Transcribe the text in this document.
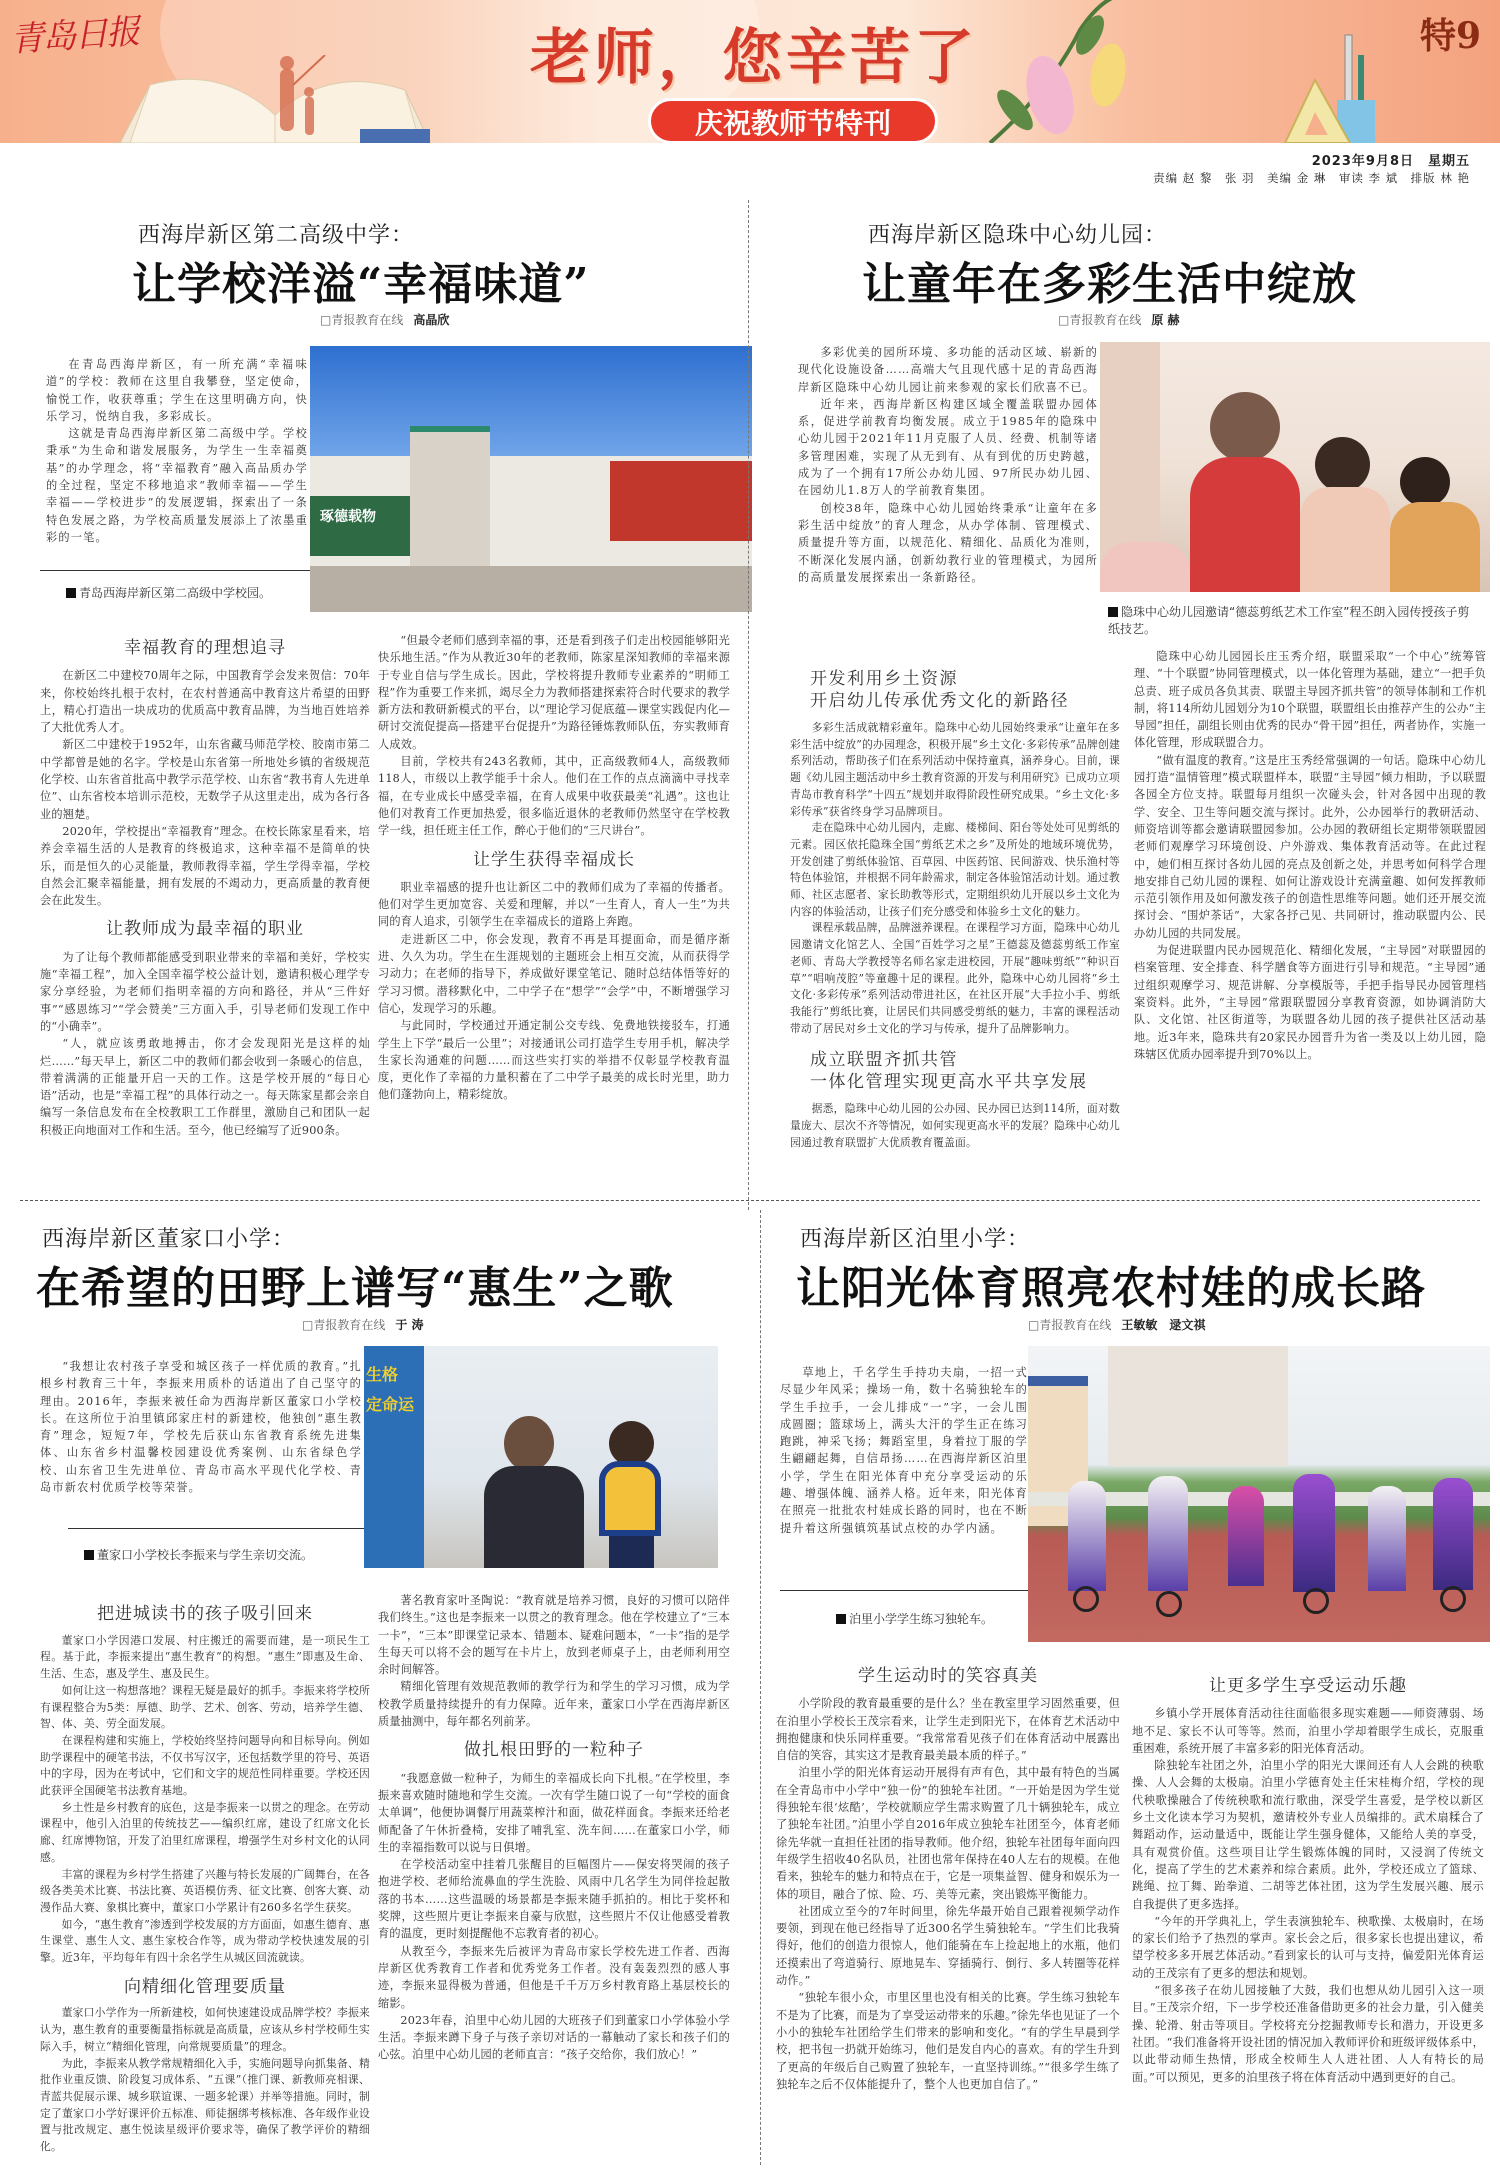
青岛日报	老师，您辛苦了
庆祝教师节特刊
特9
2023年9月8日　星期五
责编 赵 黎　张 羽　美编 金 琳　审读 李 斌　排版 林 艳
西海岸新区第二高级中学：
让学校洋溢“幸福味道”
□青报教育在线 高晶欣

在青岛西海岸新区，有一所充满“幸福味道”的学校：教师在这里自我攀登，坚定使命，愉悦工作，收获尊重；学生在这里明确方向，快乐学习，悦纳自我，多彩成长。

这就是青岛西海岸新区第二高级中学。学校秉承“为生命和谐发展服务，为学生一生幸福奠基”的办学理念，将“幸福教育”融入高品质办学的全过程，坚定不移地追求“教师幸福——学生幸福——学校进步”的发展逻辑，探索出了一条特色发展之路，为学校高质量发展添上了浓墨重彩的一笔。

青岛西海岸新区第二高级中学校园。
琢德载物
幸福教育的理想追寻

在新区二中建校70周年之际，中国教育学会发来贺信：70年来，你校始终扎根于农村，在农村普通高中教育这片希望的田野上，精心打造出一块成功的优质高中教育品牌，为当地百姓培养了大批优秀人才。

新区二中建校于1952年，山东省藏马师范学校、胶南市第二中学都曾是她的名字。学校是山东省第一所地处乡镇的省级规范化学校、山东省首批高中教学示范学校、山东省“教书育人先进单位”、山东省校本培训示范校，无数学子从这里走出，成为各行各业的翘楚。

2020年，学校提出“幸福教育”理念。在校长陈家星看来，培养会幸福生活的人是教育的终极追求，这种幸福不是简单的快乐，而是恒久的心灵能量，教师教得幸福，学生学得幸福，学校自然会汇聚幸福能量，拥有发展的不竭动力，更高质量的教育便会在此发生。

让教师成为最幸福的职业

为了让每个教师都能感受到职业带来的幸福和美好，学校实施“幸福工程”，加入全国幸福学校公益计划，邀请积极心理学专家分享经验，为老师们指明幸福的方向和路径，并从“三件好事”“感恩练习”“学会赞美”三方面入手，引导老师们发现工作中的“小确幸”。

“人，就应该勇敢地搏击，你才会发现阳光是这样的灿烂……”每天早上，新区二中的教师们都会收到一条暖心的信息，带着满满的正能量开启一天的工作。这是学校开展的“每日心语”活动，也是“幸福工程”的具体行动之一。每天陈家星都会亲自编写一条信息发布在全校教职工工作群里，激励自己和团队一起积极正向地面对工作和生活。至今，他已经编写了近900条。

“但最令老师们感到幸福的事，还是看到孩子们走出校园能够阳光快乐地生活。”作为从教近30年的老教师，陈家星深知教师的幸福来源于专业自信与学生成长。因此，学校将提升教师专业素养的“明师工程”作为重要工作来抓，竭尽全力为教师搭建探索符合时代要求的教学新方法和教研新模式的平台，以“理论学习促底蕴—课堂实践促内化—研讨交流促提高—搭建平台促提升”为路径锤炼教师队伍，夯实教师育人成效。

目前，学校共有243名教师，其中，正高级教师4人，高级教师118人，市级以上教学能手十余人。他们在工作的点点滴滴中寻找幸福，在专业成长中感受幸福，在育人成果中收获最美“礼遇”。这也让他们对教育工作更加热爱，很多临近退休的老教师仍然坚守在学校教学一线，担任班主任工作，醉心于他们的“三尺讲台”。

让学生获得幸福成长

职业幸福感的提升也让新区二中的教师们成为了幸福的传播者。他们对学生更加宽容、关爱和理解，并以“一生育人，育人一生”为共同的育人追求，引领学生在幸福成长的道路上奔跑。

走进新区二中，你会发现，教育不再是耳提面命，而是循序渐进、久久为功。学生在生涯规划的主题班会上相互交流，从而获得学习动力；在老师的指导下，养成做好课堂笔记、随时总结体悟等好的学习习惯。潜移默化中，二中学子在“想学”“会学”中，不断增强学习信心，发现学习的乐趣。

与此同时，学校通过开通定制公交专线、免费地铁接驳车，打通学生上下学“最后一公里”；对接通讯公司打造学生专用手机，解决学生家长沟通难的问题……而这些实打实的举措不仅彰显学校教育温度，更化作了幸福的力量积蓄在了二中学子最美的成长时光里，助力他们蓬勃向上，精彩绽放。

西海岸新区隐珠中心幼儿园：
让童年在多彩生活中绽放
□青报教育在线 原 赫

多彩优美的园所环境、多功能的活动区域、崭新的现代化设施设备……高端大气且现代感十足的青岛西海岸新区隐珠中心幼儿园让前来参观的家长们欣喜不已。

近年来，西海岸新区构建区域全覆盖联盟办园体系，促进学前教育均衡发展。成立于1985年的隐珠中心幼儿园于2021年11月克服了人员、经费、机制等诸多管理困难，实现了从无到有、从有到优的历史跨越，成为了一个拥有17所公办幼儿园、97所民办幼儿园、在园幼儿1.8万人的学前教育集团。

创校38年，隐珠中心幼儿园始终秉承“让童年在多彩生活中绽放”的育人理念，从办学体制、管理模式、质量提升等方面，以规范化、精细化、品质化为准则，不断深化发展内涵，创新幼教行业的管理模式，为园所的高质量发展探索出一条新路径。

隐珠中心幼儿园邀请“德蕊剪纸艺术工作室”程丕朗入园传授孩子剪纸技艺。
开发利用乡土资源
开启幼儿传承优秀文化的新路径

多彩生活成就精彩童年。隐珠中心幼儿园始终秉承“让童年在多彩生活中绽放”的办园理念，积极开展“乡土文化·多彩传承”品牌创建系列活动，帮助孩子们在系列活动中保持童真，涵养身心。目前，课题《幼儿园主题活动中乡土教育资源的开发与利用研究》已成功立项青岛市教育科学“十四五”规划并取得阶段性研究成果。“乡土文化·多彩传承”获省终身学习品牌项目。

走在隐珠中心幼儿园内，走廊、楼梯间、阳台等处处可见剪纸的元素。园区依托隐珠全国“剪纸艺术之乡”及所处的地域环境优势，开发创建了剪纸体验馆、百草园、中医药馆、民间游戏、快乐渔村等特色体验馆，并根据不同年龄需求，制定各体验馆活动计划。通过教师、社区志愿者、家长助教等形式，定期组织幼儿开展以乡土文化为内容的体验活动，让孩子们充分感受和体验乡土文化的魅力。

课程承载品牌，品牌滋养课程。在课程学习方面，隐珠中心幼儿园邀请文化馆艺人、全国“百姓学习之星”王德蕊及德蕊剪纸工作室老师、青岛大学教授等名师名家走进校园，开展“趣味剪纸”“种识百草”“唱响茂腔”等童趣十足的课程。此外，隐珠中心幼儿园将“乡土文化·多彩传承”系列活动带进社区，在社区开展“大手拉小手、剪纸我能行”剪纸比赛，让居民们共同感受剪纸的魅力，丰富的课程活动带动了居民对乡土文化的学习与传承，提升了品牌影响力。

成立联盟齐抓共管
一体化管理实现更高水平共享发展

据悉，隐珠中心幼儿园的公办园、民办园已达到114所，面对数量庞大、层次不齐等情况，如何实现更高水平的发展？隐珠中心幼儿园通过教育联盟扩大优质教育覆盖面。

隐珠中心幼儿园园长庄玉秀介绍，联盟采取“一个中心”统筹管理、“十个联盟”协同管理模式，以一体化管理为基础，建立“一把手负总责、班子成员各负其责、联盟主导园齐抓共管”的领导体制和工作机制，将114所幼儿园划分为10个联盟，联盟组长由推荐产生的公办“主导园”担任，副组长则由优秀的民办“骨干园”担任，两者协作，实施一体化管理，形成联盟合力。

“做有温度的教育。”这是庄玉秀经常强调的一句话。隐珠中心幼儿园打造“温情管理”模式联盟样本，联盟“主导园”倾力相助，予以联盟各园全方位支持。联盟每月组织一次碰头会，针对各园中出现的教学、安全、卫生等问题交流与探讨。此外，公办园举行的教研活动、师资培训等都会邀请联盟园参加。公办园的教研组长定期带领联盟园老师们观摩学习环境创设、户外游戏、集体教育活动等。在此过程中，她们相互探讨各幼儿园的亮点及创新之处，并思考如何科学合理地安排自己幼儿园的课程、如何让游戏设计充满童趣、如何发挥教师示范引领作用及如何激发孩子的创造性思维等问题。她们还开展交流探讨会、“围炉茶话”，大家各抒己见、共同研讨，推动联盟内公、民办幼儿园的共同发展。

为促进联盟内民办园规范化、精细化发展，“主导园”对联盟园的档案管理、安全排查、科学膳食等方面进行引导和规范。“主导园”通过组织观摩学习、规范讲解、分享模版等，手把手指导民办园管理档案资料。此外，“主导园”常跟联盟园分享教育资源，如协调消防大队、文化馆、社区街道等，为联盟各幼儿园的孩子提供社区活动基地。近3年来，隐珠共有20家民办园晋升为省一类及以上幼儿园，隐珠辖区优质办园率提升到70%以上。

西海岸新区董家口小学：
在希望的田野上谱写“惠生”之歌
□青报教育在线 于 涛

“我想让农村孩子享受和城区孩子一样优质的教育。”扎根乡村教育三十年，李振来用质朴的话道出了自己坚守的理由。2016年，李振来被任命为西海岸新区董家口小学校长。在这所位于泊里镇邱家庄村的新建校，他独创“惠生教育”理念，短短7年，学校先后获山东省教育系统先进集体、山东省乡村温馨校园建设优秀案例、山东省绿色学校、山东省卫生先进单位、青岛市高水平现代化学校、青岛市新农村优质学校等荣誉。

董家口小学校长李振来与学生亲切交流。
生格
定命运
把进城读书的孩子吸引回来

董家口小学因港口发展、村庄搬迁的需要而建，是一项民生工程。基于此，李振来提出“惠生教育”的构想。“惠生”即惠及生命、生活、生态，惠及学生、惠及民生。

如何让这一构想落地？课程无疑是最好的抓手。李振来将学校所有课程整合为5类：厚德、助学、艺术、创客、劳动，培养学生德、智、体、美、劳全面发展。

在课程构建和实施上，学校始终坚持问题导向和目标导向。例如助学课程中的硬笔书法，不仅书写汉字，还包括数学里的符号、英语中的字母，因为在考试中，它们和文字的规范性同样重要。学校还因此获评全国硬笔书法教育基地。

乡土性是乡村教育的底色，这是李振来一以贯之的理念。在劳动课程中，他引入泊里的传统技艺——编织红席，建设了红席文化长廊、红席博物馆，开发了泊里红席课程，增强学生对乡村文化的认同感。

丰富的课程为乡村学生搭建了兴趣与特长发展的广阔舞台，在各级各类美术比赛、书法比赛、英语模仿秀、征文比赛、创客大赛、动漫作品大赛、象棋比赛中，董家口小学累计有260多名学生获奖。

如今，“惠生教育”渗透到学校发展的方方面面，如惠生德育、惠生课堂、惠生人文、惠生家校合作等，成为带动学校快速发展的引擎。近3年，平均每年有四十余名学生从城区回流就读。

向精细化管理要质量

董家口小学作为一所新建校，如何快速建设成品牌学校？李振来认为，惠生教育的重要衡量指标就是高质量，应该从乡村学校师生实际入手，树立“精细化管理，向常规要质量”的理念。

为此，李振来从教学常规精细化入手，实施问题导向抓集备、精批作业重反馈、阶段复习成体系、“五课”（推门课、新教师亮相课、青蓝共促展示课、城乡联谊课、一题多轮课）并举等措施。同时，制定了董家口小学好课评价五标准、师徒捆绑考核标准、各年级作业设置与批改规定、惠生悦读星级评价要求等，确保了教学评价的精细化。

著名教育家叶圣陶说：“教育就是培养习惯，良好的习惯可以陪伴我们终生。”这也是李振来一以贯之的教育理念。他在学校建立了“三本一卡”，“三本”即课堂记录本、错题本、疑难问题本，“一卡”指的是学生每天可以将不会的题写在卡片上，放到老师桌子上，由老师利用空余时间解答。

精细化管理有效规范教师的教学行为和学生的学习习惯，成为学校教学质量持续提升的有力保障。近年来，董家口小学在西海岸新区质量抽测中，每年都名列前茅。

做扎根田野的一粒种子

“我愿意做一粒种子，为师生的幸福成长向下扎根。”在学校里，李振来喜欢随时随地和学生交流。一次有学生随口说了一句“学校的面食太单调”，他便协调餐厅用蔬菜榨汁和面，做花样面食。李振来还给老师配备了午休折叠椅，安排了哺乳室、洗车间……在董家口小学，师生的幸福指数可以说与日俱增。

在学校活动室中挂着几张醒目的巨幅图片——保安将哭闹的孩子抱进学校、老师给流鼻血的学生洗脸、风雨中几名学生为同伴捡起散落的书本……这些温暖的场景都是李振来随手抓拍的。相比于奖杯和奖牌，这些照片更让李振来自豪与欣慰，这些照片不仅让他感受着教育的温度，更时刻提醒他不忘教育者的初心。

从教至今，李振来先后被评为青岛市家长学校先进工作者、西海岸新区优秀教育工作者和优秀党务工作者。没有轰轰烈烈的感人事迹，李振来显得极为普通，但他是千千万万乡村教育路上基层校长的缩影。

2023年春，泊里中心幼儿园的大班孩子们到董家口小学体验小学生活。李振来蹲下身子与孩子亲切对话的一幕触动了家长和孩子们的心弦。泊里中心幼儿园的老师直言：“孩子交给你，我们放心！”

西海岸新区泊里小学：
让阳光体育照亮农村娃的成长路
□青报教育在线 王敏敏　逯文祺

草地上，千名学生手持功夫扇，一招一式尽显少年风采；操场一角，数十名骑独轮车的学生手拉手，一会儿排成“一”字，一会儿围成圆圈；篮球场上，满头大汗的学生正在练习跑跳，神采飞扬；舞蹈室里，身着拉丁服的学生翩翩起舞，自信昂扬……在西海岸新区泊里小学，学生在阳光体育中充分享受运动的乐趣、增强体魄、涵养人格。近年来，阳光体育在照亮一批批农村娃成长路的同时，也在不断提升着这所强镇筑基试点校的办学内涵。

泊里小学学生练习独轮车。
学生运动时的笑容真美

小学阶段的教育最重要的是什么？坐在教室里学习固然重要，但在泊里小学校长王茂宗看来，让学生走到阳光下，在体育艺术活动中拥抱健康和快乐同样重要。“我常常看见孩子们在体育活动中展露出自信的笑容，其实这才是教育最美最本质的样子。”

泊里小学的阳光体育运动开展得有声有色，其中最有特色的当属在全青岛市中小学中“独一份”的独轮车社团。“一开始是因为学生觉得独轮车很‘炫酷’，学校就顺应学生需求购置了几十辆独轮车，成立了独轮车社团。”泊里小学自2016年成立独轮车社团至今，体育老师徐先华就一直担任社团的指导教师。他介绍，独轮车社团每年面向四年级学生招收40名队员，社团也常年保持在40人左右的规模。在他看来，独轮车的魅力和特点在于，它是一项集益智、健身和娱乐为一体的项目，融合了惊、险、巧、美等元素，突出锻炼平衡能力。

社团成立至今的7年时间里，徐先华最开始自己跟着视频学动作要领，到现在他已经指导了近300名学生骑独轮车。“学生们比我骑得好，他们的创造力很惊人，他们能骑在车上捡起地上的水瓶，他们还摸索出了弯道骑行、原地晃车、穿插骑行、倒行、多人转圈等花样动作。”

“独轮车很小众，市里区里也没有相关的比赛。学生练习独轮车不是为了比赛，而是为了享受运动带来的乐趣。”徐先华也见证了一个小小的独轮车社团给学生们带来的影响和变化。“有的学生早晨到学校，把书包一扔就开始练习，他们是发自内心的喜欢。有的学生升到了更高的年级后自己购置了独轮车，一直坚持训练。”“很多学生练了独轮车之后不仅体能提升了，整个人也更加自信了。”

让更多学生享受运动乐趣

乡镇小学开展体育活动往往面临很多现实难题——师资薄弱、场地不足、家长不认可等等。然而，泊里小学却着眼学生成长，克服重重困难，系统开展了丰富多彩的阳光体育活动。

除独轮车社团之外，泊里小学的阳光大课间还有人人会跳的秧歌操、人人会舞的太极扇。泊里小学德育处主任宋桂梅介绍，学校的现代秧歌操融合了传统秧歌和流行歌曲，深受学生喜爱，是学校以新区乡土文化读本学习为契机，邀请校外专业人员编排的。武术扇糅合了舞蹈动作，运动量适中，既能让学生强身健体，又能给人美的享受，具有观赏价值。这些项目让学生锻炼体魄的同时，又浸润了传统文化，提高了学生的艺术素养和综合素质。此外，学校还成立了篮球、跳绳、拉丁舞、跆拳道、二胡等艺体社团，这为学生发展兴趣、展示自我提供了更多选择。

“今年的开学典礼上，学生表演独轮车、秧歌操、太极扇时，在场的家长们给予了热烈的掌声。家长会之后，很多家长也提出建议，希望学校多多开展艺体活动。”看到家长的认可与支持，偏爱阳光体育运动的王茂宗有了更多的想法和规划。

“很多孩子在幼儿园接触了大鼓，我们也想从幼儿园引入这一项目。”王茂宗介绍，下一步学校还准备借助更多的社会力量，引入健美操、轮滑、射击等项目。学校将充分挖掘教师专长和潜力，开设更多社团。“我们准备将开设社团的情况加入教师评价和班级评级体系中，以此带动师生热情，形成全校师生人人进社团、人人有特长的局面。”可以预见，更多的泊里孩子将在体育活动中遇到更好的自己。
